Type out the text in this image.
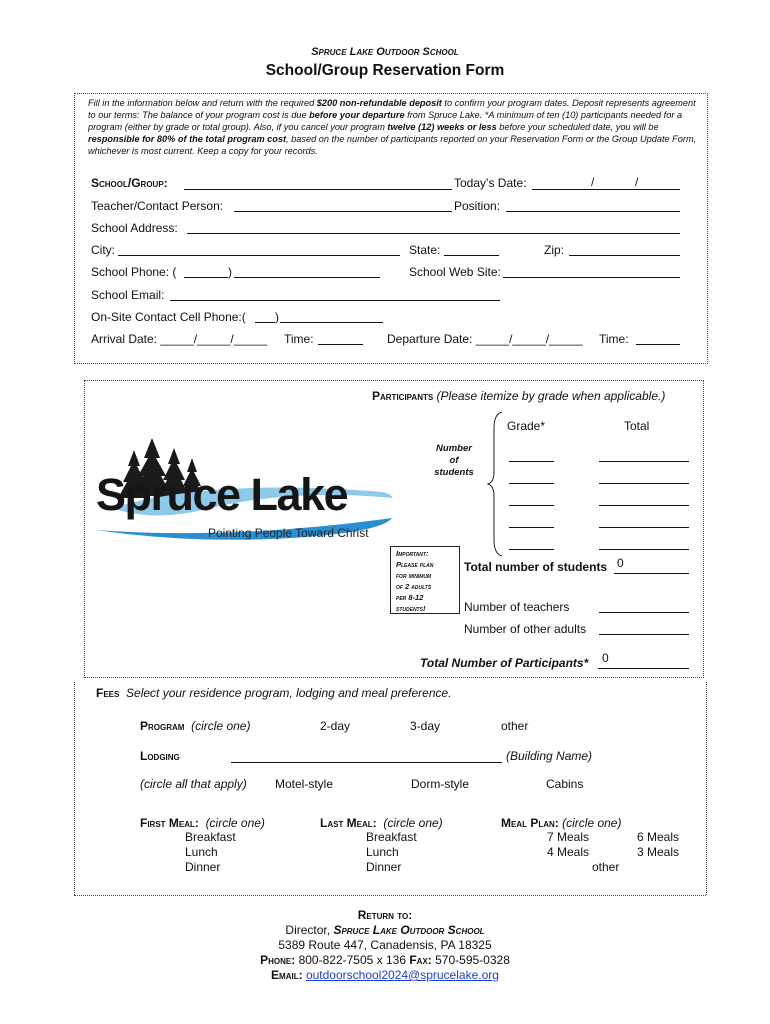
Spruce Lake Outdoor School
School/Group Reservation Form
Fill in the information below and return with the required $200 non-refundable deposit to confirm your program dates. Deposit represents agreement to our terms: The balance of your program cost is due before your departure from Spruce Lake. *A minimum of ten (10) participants needed for a program (either by grade or total group). Also, if you cancel your program twelve (12) weeks or less before your scheduled date, you will be responsible for 80% of the total program cost, based on the number of participants reported on your Reservation Form or the Group Update Form, whichever is most current. Keep a copy for your records.
School/Group:	Today’s Date:	/	/
Teacher/Contact Person:	Position:
School Address:
City:	State:	Zip:
School Phone: (	)	School Web Site:
School Email:
On-Site Contact Cell Phone:( )
Arrival Date: _____/_____/_____ Time:	Departure Date: _____/_____/_____ Time:
Participants (Please itemize by grade when applicable.)
Grade*	Total
Number
of
students
Important:
Please plan
for minimum
of 2 adults
per 8-12
students!
Total number of students 0
Number of teachers
Number of other adults
Total Number of Participants* 0
Spruce Lake
Pointing People Toward Christ
Fees Select your residence program, lodging and meal preference.
Program (circle one)	2-day	3-day	other
Lodging	(Building Name)
(circle all that apply) Motel-style	Dorm-style	Cabins
First Meal: (circle one)
Breakfast
Lunch
Dinner
Last Meal: (circle one)
Breakfast
Lunch
Dinner
Meal Plan: (circle one)
7 Meals	6 Meals
4 Meals	3 Meals
other
Return to:
Director, Spruce Lake Outdoor School
5389 Route 447, Canadensis, PA 18325
Phone: 800-822-7505 x 136 Fax: 570-595-0328
Email: outdoorschool2024@sprucelake.org
